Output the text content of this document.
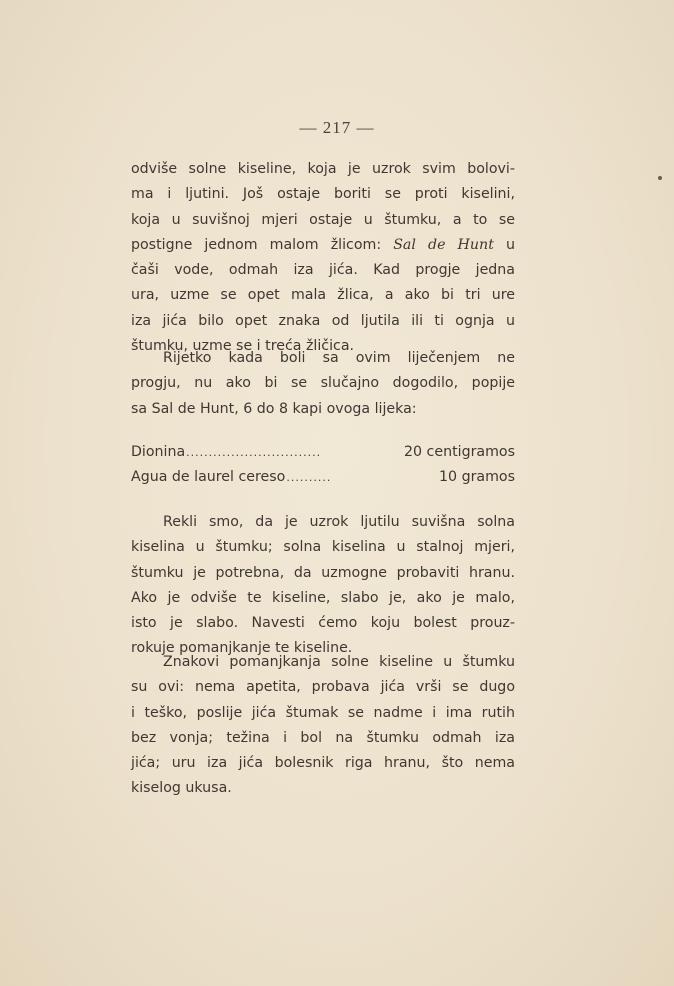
— 217 —
odviše solne kiseline, koja je uzrok svim bolovi-
ma i ljutini. Još ostaje boriti se proti kiselini,
koja u suvišnoj mjeri ostaje u štumku, a to se
postigne jednom malom žlicom: Sal de Hunt u
čaši vode, odmah iza jića. Kad progje jedna
ura, uzme se opet mala žlica, a ako bi tri ure
iza jića bilo opet znaka od ljutila ili ti ognja u
štumku, uzme se i treća žličica.
Rijetko kada boli sa ovim liječenjem ne
progju, nu ako bi se slučajno dogodilo, popije
sa Sal de Hunt, 6 do 8 kapi ovoga lijeka:
Dionina ..............................	20 centigramos
Agua de laurel cereso ..........	10 gramos
Rekli smo, da je uzrok ljutilu suvišna solna
kiselina u štumku; solna kiselina u stalnoj mjeri,
štumku je potrebna, da uzmogne probaviti hranu.
Ako je odviše te kiseline, slabo je, ako je malo,
isto je slabo. Navesti ćemo koju bolest prouz-
rokuje pomanjkanje te kiseline.
Znakovi pomanjkanja solne kiseline u štumku
su ovi: nema apetita, probava jića vrši se dugo
i teško, poslije jića štumak se nadme i ima rutih
bez vonja; težina i bol na štumku odmah iza
jića; uru iza jića bolesnik riga hranu, što nema
kiselog ukusa.
